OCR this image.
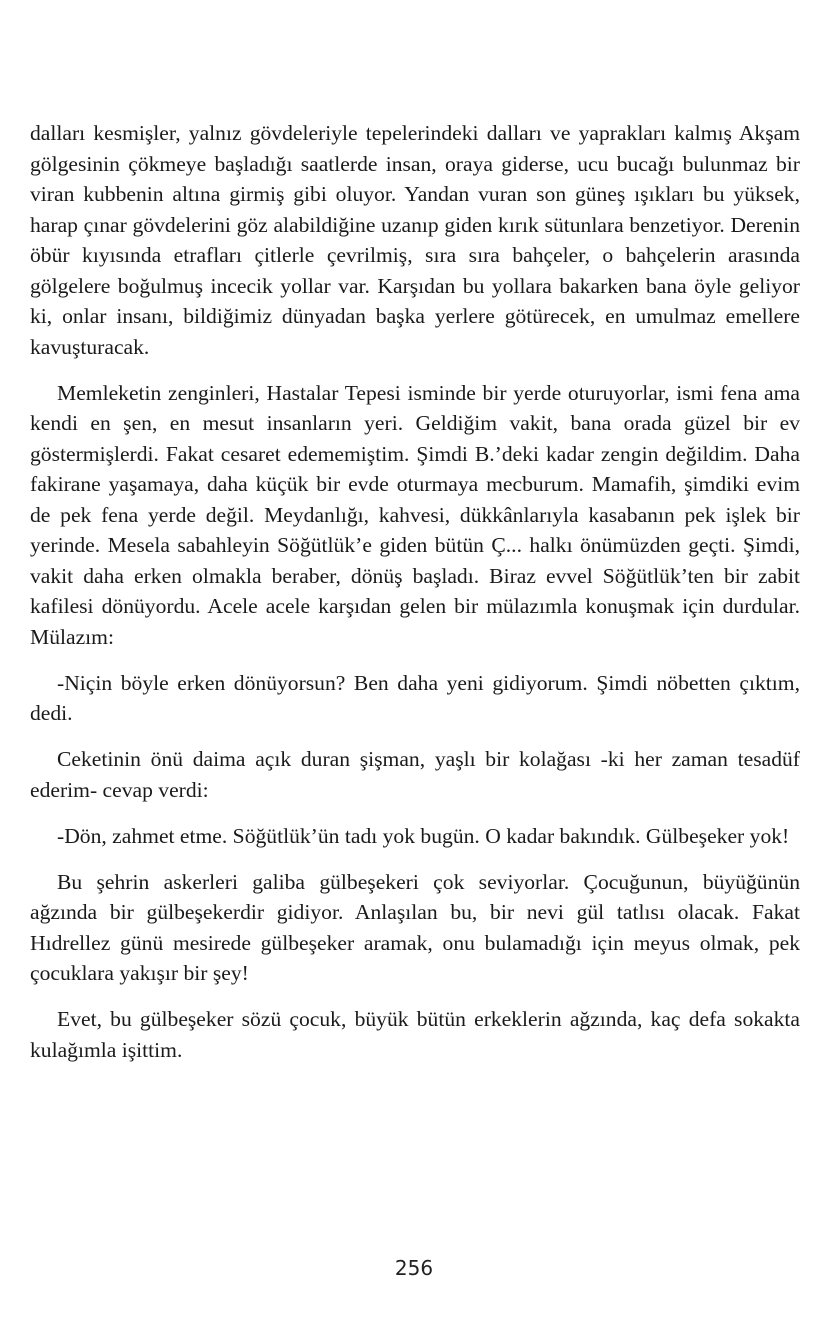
dalları kesmişler, yalnız gövdeleriyle tepelerindeki dalları ve yaprakları kalmış Akşam gölgesinin çökmeye başladığı saatlerde insan, oraya giderse, ucu bucağı bulunmaz bir viran kubbenin altına girmiş gibi oluyor. Yandan vuran son güneş ışıkları bu yüksek, harap çınar gövdelerini göz alabildiğine uzanıp giden kırık sütunlara benzetiyor. Derenin öbür kıyısında etrafları çitlerle çevrilmiş, sıra sıra bahçeler, o bahçelerin arasında gölgelere boğulmuş incecik yollar var. Karşıdan bu yollara bakarken bana öyle geliyor ki, onlar insanı, bildiğimiz dünyadan başka yerlere götürecek, en umulmaz emellere kavuşturacak.

Memleketin zenginleri, Hastalar Tepesi isminde bir yerde oturuyorlar, ismi fena ama kendi en şen, en mesut insanların yeri. Geldiğim vakit, bana orada güzel bir ev göstermişlerdi. Fakat cesaret edememiştim. Şimdi B.’deki kadar zengin değildim. Daha fakirane yaşamaya, daha küçük bir evde oturmaya mecburum. Mamafih, şimdiki evim de pek fena yerde değil. Meydanlığı, kahvesi, dükkânlarıyla kasabanın pek işlek bir yerinde. Mesela sabahleyin Söğütlük’e giden bütün Ç... halkı önümüzden geçti. Şimdi, vakit daha erken olmakla beraber, dönüş başladı. Biraz evvel Söğütlük’ten bir zabit kafilesi dönüyordu. Acele acele karşıdan gelen bir mülazımla konuşmak için durdular. Mülazım:

-Niçin böyle erken dönüyorsun? Ben daha yeni gidiyorum. Şimdi nöbetten çıktım, dedi.

Ceketinin önü daima açık duran şişman, yaşlı bir kolağası -ki her zaman tesadüf ederim- cevap verdi:

-Dön, zahmet etme. Söğütlük’ün tadı yok bugün. O kadar bakındık. Gülbeşeker yok!

Bu şehrin askerleri galiba gülbeşekeri çok seviyorlar. Çocuğunun, büyüğünün ağzında bir gülbeşekerdir gidiyor. Anlaşılan bu, bir nevi gül tatlısı olacak. Fakat Hıdrellez günü mesirede gülbeşeker aramak, onu bulamadığı için meyus olmak, pek çocuklara yakışır bir şey!

Evet, bu gülbeşeker sözü çocuk, büyük bütün erkeklerin ağzında, kaç defa sokakta kulağımla işittim.

256
